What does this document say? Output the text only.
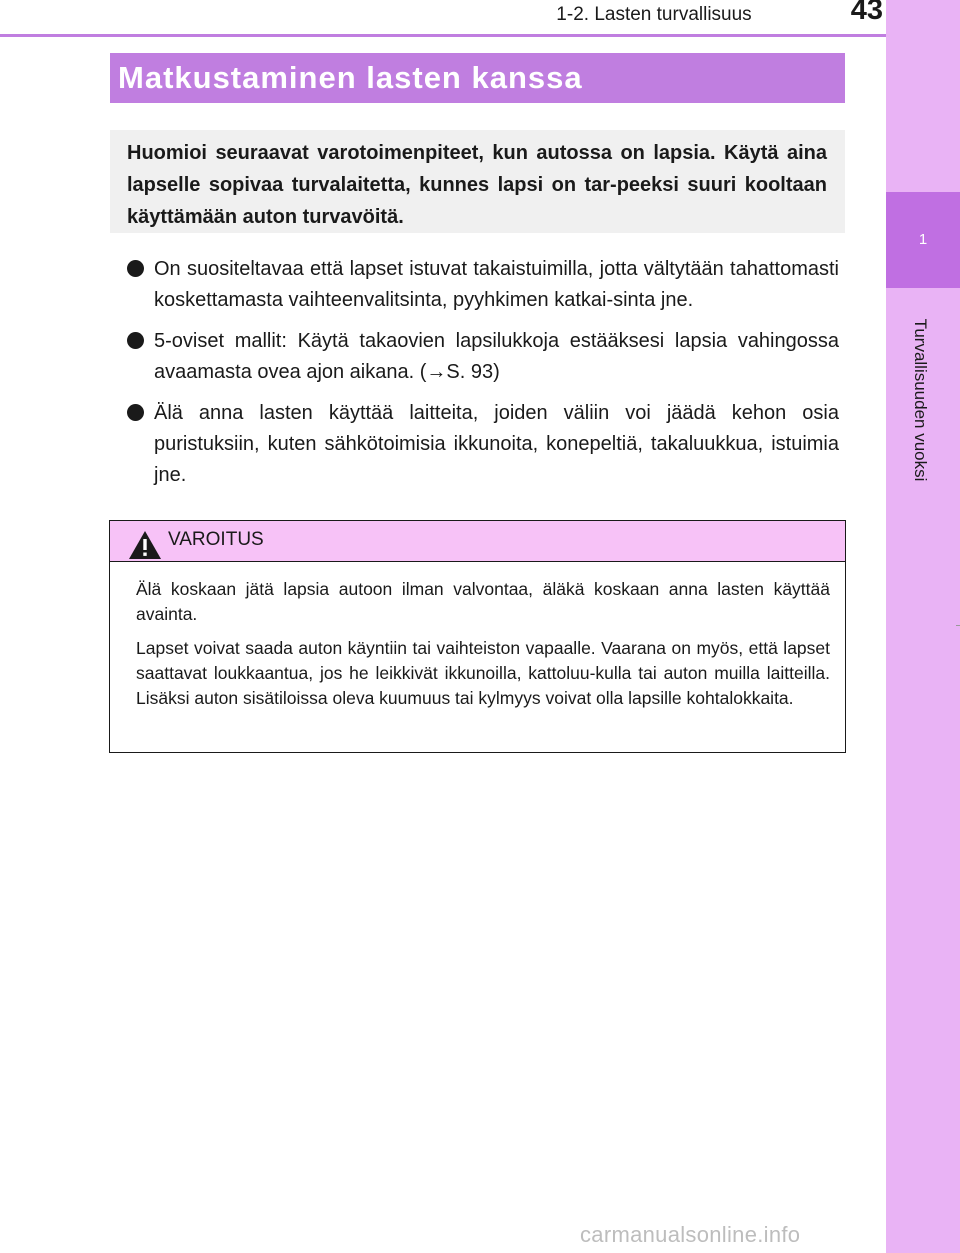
1-2. Lasten turvallisuus	43
1
Turvallisuuden vuoksi
Matkustaminen lasten kanssa
Huomioi seuraavat varotoimenpiteet, kun autossa on lapsia. Käytä aina lapselle sopivaa turvalaitetta, kunnes lapsi on tar-peeksi suuri kooltaan käyttämään auton turvavöitä.
On suositeltavaa että lapset istuvat takaistuimilla, jotta vältytään tahattomasti koskettamasta vaihteenvalitsinta, pyyhkimen katkai-sinta jne.
5-oviset mallit: Käytä takaovien lapsilukkoja estääksesi lapsia vahingossa avaamasta ovea ajon aikana. (→S. 93)
Älä anna lasten käyttää laitteita, joiden väliin voi jäädä kehon osia puristuksiin, kuten sähkötoimisia ikkunoita, konepeltiä, takaluukkua, istuimia jne.
VAROITUS

Älä koskaan jätä lapsia autoon ilman valvontaa, äläkä koskaan anna lasten käyttää avainta.

Lapset voivat saada auton käyntiin tai vaihteiston vapaalle. Vaarana on myös, että lapset saattavat loukkaantua, jos he leikkivät ikkunoilla, kattoluu-kulla tai auton muilla laitteilla. Lisäksi auton sisätiloissa oleva kuumuus tai kylmyys voivat olla lapsille kohtalokkaita.

carmanualsonline.info
